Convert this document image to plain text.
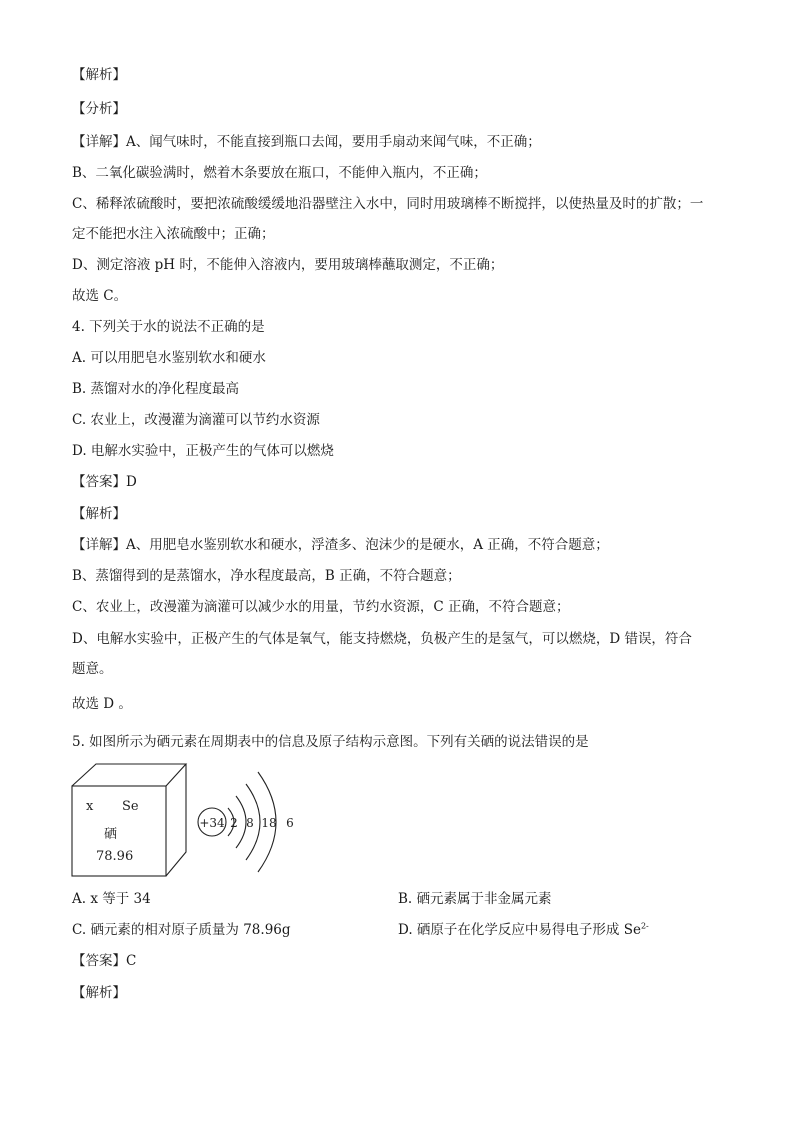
【解析】
【分析】
【详解】A、闻气味时，不能直接到瓶口去闻，要用手扇动来闻气味，不正确；
B、二氧化碳验满时，燃着木条要放在瓶口，不能伸入瓶内，不正确；
C、稀释浓硫酸时，要把浓硫酸缓缓地沿器壁注入水中，同时用玻璃棒不断搅拌，以使热量及时的扩散；一
定不能把水注入浓硫酸中；正确；
D、测定溶液 pH 时，不能伸入溶液内，要用玻璃棒蘸取测定，不正确；
故选 C。
4. 下列关于水的说法不正确的是
A. 可以用肥皂水鉴别软水和硬水
B. 蒸馏对水的净化程度最高
C. 农业上，改漫灌为滴灌可以节约水资源
D. 电解水实验中，正极产生的气体可以燃烧
【答案】D
【解析】
【详解】A、用肥皂水鉴别软水和硬水，浮渣多、泡沫少的是硬水，A 正确，不符合题意；
B、蒸馏得到的是蒸馏水，净水程度最高，B 正确，不符合题意；
C、农业上，改漫灌为滴灌可以减少水的用量，节约水资源，C 正确，不符合题意；
D、电解水实验中，正极产生的气体是氧气，能支持燃烧，负极产生的是氢气，可以燃烧，D 错误，符合
题意。
故选 D 。
5. 如图所示为硒元素在周期表中的信息及原子结构示意图。下列有关硒的说法错误的是
x Se
硒
78.96
+34 2 8 18 6
A. x 等于 34	B. 硒元素属于非金属元素
C. 硒元素的相对原子质量为 78.96g	D. 硒原子在化学反应中易得电子形成 $Se^{2-}$
【答案】C
【解析】
